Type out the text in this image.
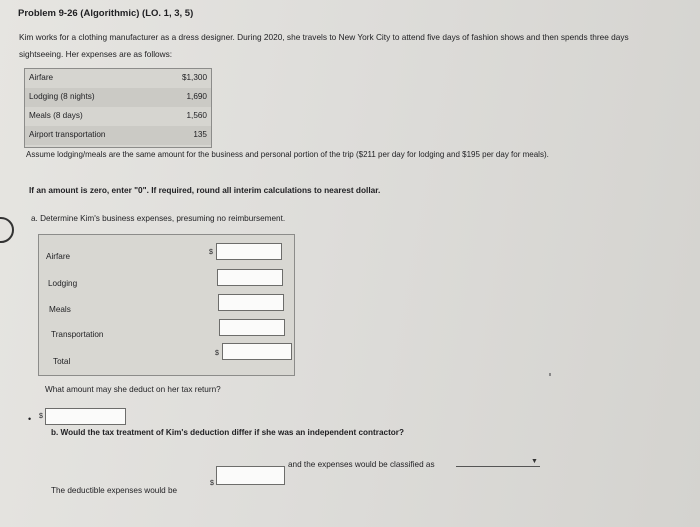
Problem 9-26 (Algorithmic) (LO. 1, 3, 5)
Kim works for a clothing manufacturer as a dress designer. During 2020, she travels to New York City to attend five days of fashion shows and then spends three days sightseeing. Her expenses are as follows:
Airfare	$1,300
Lodging (8 nights)	1,690
Meals (8 days)	1,560
Airport transportation	135
Assume lodging/meals are the same amount for the business and personal portion of the trip ($211 per day for lodging and $195 per day for meals).
If an amount is zero, enter "0". If required, round all interim calculations to nearest dollar.
a. Determine Kim's business expenses, presuming no reimbursement.
Airfare
Lodging
Meals
Transportation
Total
$
$
What amount may she deduct on her tax return?
• $
b. Would the tax treatment of Kim's deduction differ if she was an independent contractor?
The deductible expenses would be
$
and the expenses would be classified as	▼
